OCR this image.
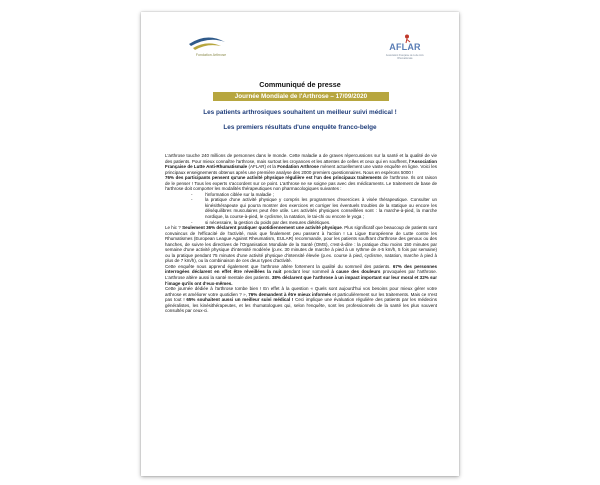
Fondation Arthrose
AFLAR
Association Française de Lutte Anti-Rhumatismale
Communiqué de presse
Journée Mondiale de l'Arthrose – 17/09/2020
Les patients arthrosiques souhaitent un meilleur suivi médical !
Les premiers résultats d'une enquête franco-belge

L'arthrose touche 240 millions de personnes dans le monde. Cette maladie a de graves répercussions sur la santé et la qualité de vie des patients. Pour mieux connaître l'arthrose, mais surtout les croyances et les attentes de celles et ceux qui en souffrent, l'Association Française de Lutte Anti-Rhumatismale (AFLAR) et la Fondation Arthrose mènent actuellement une vaste enquête en ligne. Voici les principaux enseignements obtenus après une première analyse des 2000 premiers questionnaires. Nous en espérons 5000 !

76% des participants pensent qu'une activité physique régulière est l'un des principaux traitements de l'arthrose. Ils ont raison de le penser ! Tous les experts s'accordent sur ce point. L'arthrose ne se soigne pas avec des médicaments. Le traitement de base de l'arthrose doit comporter les modalités thérapeutiques non pharmacologiques suivantes :

- l'information ciblée sur la maladie ;
- la pratique d'une activité physique y compris les programmes d'exercices à visée thérapeutique. Consulter un kinésithérapeute qui pourra montrer des exercices et corriger les éventuels troubles de la statique ou encore les déséquilibres musculaires peut être utile. Les activités physiques conseillées sont : la marche-à-pied, la marche nordique, la course-à-pied, le cyclisme, la natation, le tai-chi ou encore le yoga ;
- si nécessaire, la gestion du poids par des mesures diététiques.

Le hic ? Seulement 36% déclarent pratiquer quotidiennement une activité physique. Plus significatif que beaucoup de patients sont convaincus de l'efficacité de l'activité, mais que finalement peu passent à l'action ! La Ligue Européenne de Lutte contre les Rhumatismes (European League Against Rheumatism, EULAR) recommande, pour les patients souffrant d'arthrose des genoux ou des hanches, de suivre les directives de l'Organisation Mondiale de la Santé (OMS), c'est-à-dire : la pratique d'au moins 150 minutes par semaine d'une activité physique d'intensité modérée (p.ex. 30 minutes de marche à pied à un rythme de 4-5 km/h, 5 fois par semaine) ou la pratique pendant 75 minutes d'une activité physique d'intensité élevée (p.ex. course à pied, cyclisme, natation, marche à pied à plus de 7 km/h), ou la combinaison de ces deux types d'activité.

Cette enquête nous apprend également que l'arthrose altère fortement la qualité du sommeil des patients. 67% des personnes interrogées déclarent en effet être réveillées la nuit pendant leur sommeil à cause des douleurs provoquées par l'arthrose. L'arthrose altère aussi la santé mentale des patients. 38% déclarent que l'arthrose à un impact important sur leur moral et 32% sur l'image qu'ils ont d'eux-mêmes.

Cette journée dédiée à l'arthrose tombe bien ! En effet à la question « Quels sont aujourd'hui vos besoins pour mieux gérer votre arthrose et améliorer votre quotidien ? », 76% demandent à être mieux informés et particulièrement sur les traitements. Mais ce n'est pas tout ! 65% souhaitent aussi un meilleur suivi médical ! Ceci implique une évaluation régulière des patients par les médecins généralistes, les kinésithérapeutes, et les rhumatologues qui, selon l'enquête, sont les professionnels de la santé les plus souvent consultés par ceux-ci.
